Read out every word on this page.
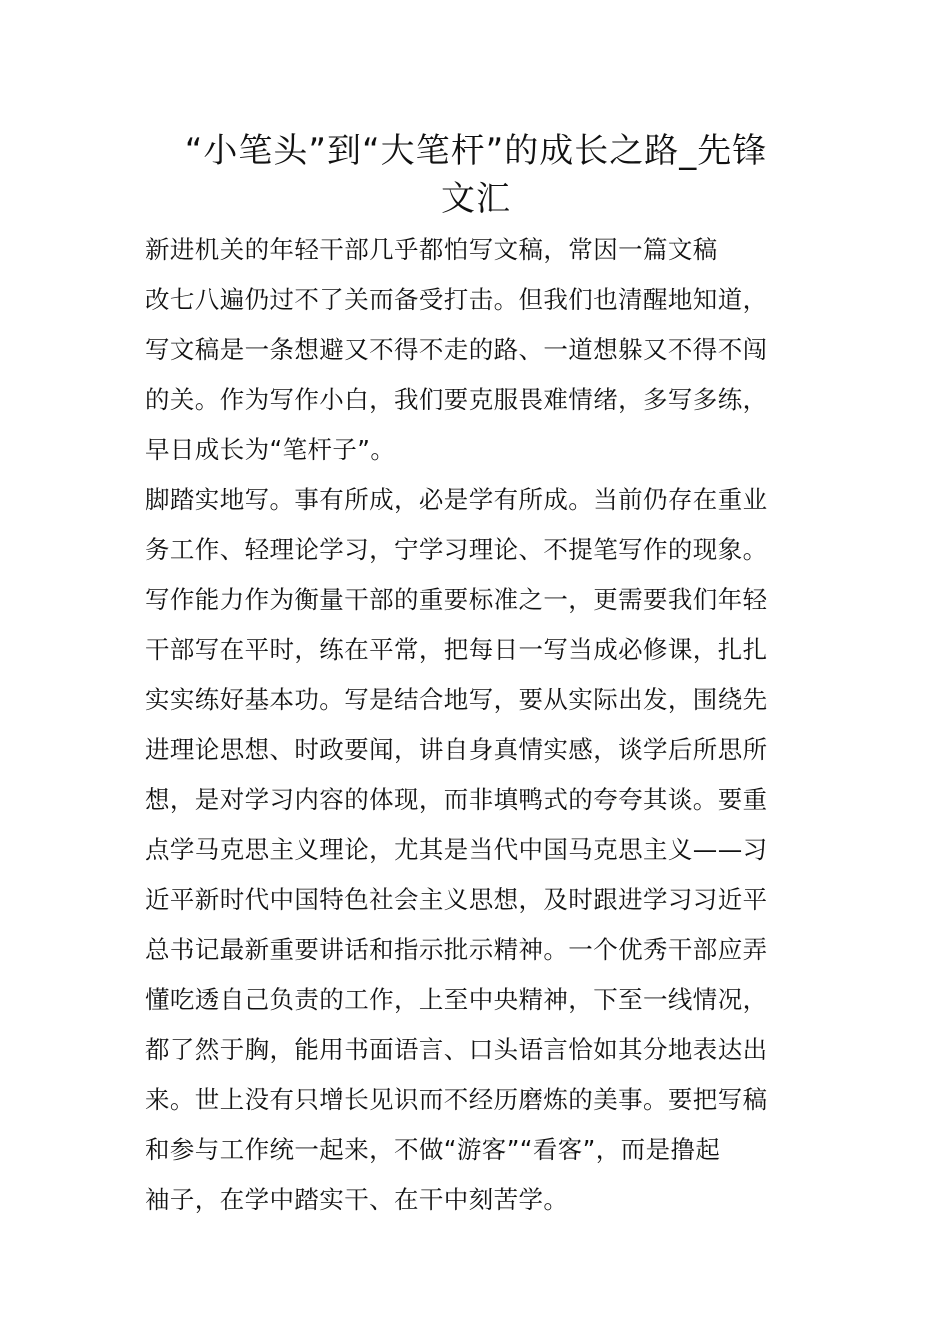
“小笔头”到“大笔杆”的成长之路_先锋
文汇
新进机关的年轻干部几乎都怕写文稿，常因一篇文稿
改七八遍仍过不了关而备受打击。但我们也清醒地知道，
写文稿是一条想避又不得不走的路、一道想躲又不得不闯
的关。作为写作小白，我们要克服畏难情绪，多写多练，
早日成长为“笔杆子”。
脚踏实地写。事有所成，必是学有所成。当前仍存在重业
务工作、轻理论学习，宁学习理论、不提笔写作的现象。
写作能力作为衡量干部的重要标准之一，更需要我们年轻
干部写在平时，练在平常，把每日一写当成必修课，扎扎
实实练好基本功。写是结合地写，要从实际出发，围绕先
进理论思想、时政要闻，讲自身真情实感，谈学后所思所
想，是对学习内容的体现，而非填鸭式的夸夸其谈。要重
点学马克思主义理论，尤其是当代中国马克思主义——习
近平新时代中国特色社会主义思想，及时跟进学习习近平
总书记最新重要讲话和指示批示精神。一个优秀干部应弄
懂吃透自己负责的工作，上至中央精神，下至一线情况，
都了然于胸，能用书面语言、口头语言恰如其分地表达出
来。世上没有只增长见识而不经历磨炼的美事。要把写稿
和参与工作统一起来，不做“游客”“看客”，而是撸起
袖子，在学中踏实干、在干中刻苦学。
